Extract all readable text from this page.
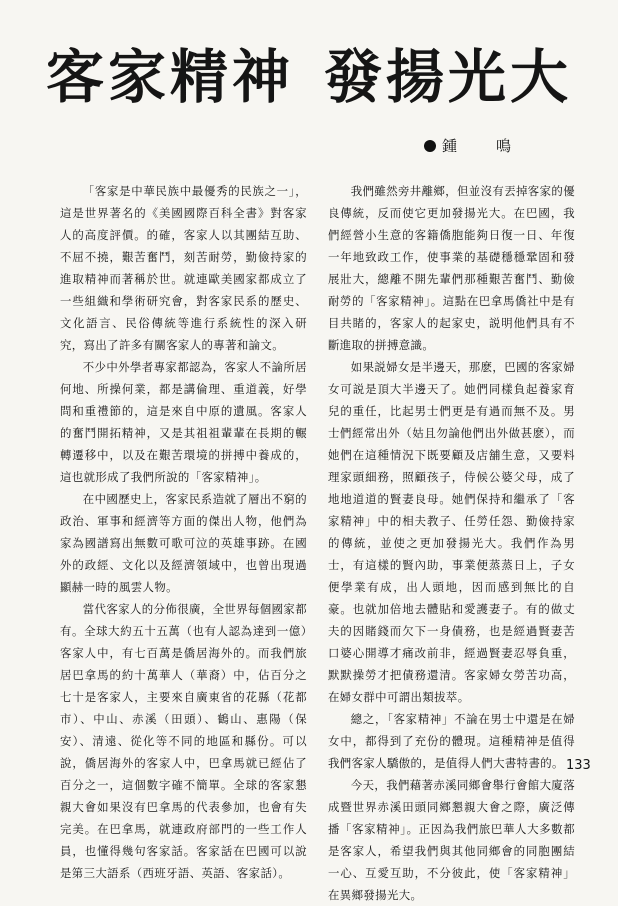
客家精神 發揚光大
鍾　鳴

「客家是中華民族中最優秀的民族之一」，這是世界著名的《美國國際百科全書》對客家人的高度評價。的確，客家人以其團結互助、不屈不撓，艱苦奮鬥，刻苦耐勞，勤儉持家的進取精神而著稱於世。就連歐美國家都成立了一些組織和學術研究會，對客家民系的歷史、文化語言、民俗傳統等進行系統性的深入研究，寫出了許多有關客家人的專著和論文。

不少中外學者專家都認為，客家人不論所居何地、所操何業，都是講倫理、重道義，好學問和重禮節的，這是來自中原的遺風。客家人的奮鬥開拓精神，又是其祖祖輩輩在長期的輾轉遷移中，以及在艱苦環境的拼搏中養成的，這也就形成了我們所說的「客家精神」。

在中國歷史上，客家民系造就了層出不窮的政治、軍事和經濟等方面的傑出人物，他們為家為國譜寫出無數可歌可泣的英雄事跡。在國外的政經、文化以及經濟領域中，也曾出現過顯赫一時的風雲人物。

當代客家人的分佈很廣，全世界每個國家都有。全球大約五十五萬（也有人認為達到一億）客家人中，有七百萬是僑居海外的。而我們旅居巴拿馬的約十萬華人（華裔）中，佔百分之七十是客家人，主要來自廣東省的花縣（花都市）、中山、赤溪（田頭）、鶴山、惠陽（保安）、清遠、從化等不同的地區和縣份。可以說，僑居海外的客家人中，巴拿馬就已經佔了百分之一，這個數字確不簡單。全球的客家懇親大會如果沒有巴拿馬的代表參加，也會有失完美。在巴拿馬，就連政府部門的一些工作人員，也懂得幾句客家話。客家話在巴國可以說是第三大語系（西班牙語、英語、客家話）。

我們雖然旁井離鄉，但並沒有丟掉客家的優良傳統，反而使它更加發揚光大。在巴國，我們經營小生意的客籍僑胞能夠日復一日、年復一年地致政工作，使事業的基礎穩穩鞏固和發展壯大，總離不開先輩們那種艱苦奮鬥、勤儉耐勞的「客家精神」。這點在巴拿馬僑社中是有目共睹的，客家人的起家史，説明他們具有不斷進取的拼搏意識。

如果説婦女是半邊天，那麽，巴國的客家婦女可説是頂大半邊天了。她們同樣負起養家育兒的重任，比起男士們更是有過而無不及。男士們經常出外（姑且勿論他們出外做甚麽），而她們在這種情況下既要顧及店舖生意，又要料理家頭細務，照顧孩子，侍候公婆父母，成了地地道道的賢妻良母。她們保持和繼承了「客家精神」中的相夫教子、任勞任怨、勤儉持家的傳統，並使之更加發揚光大。我們作為男士，有這樣的賢內助，事業便蒸蒸日上，子女便學業有成，出人頭地，因而感到無比的自豪。也就加倍地去體貼和愛護妻子。有的做丈夫的因賭錢而欠下一身債務，也是經過賢妻苦口婆心開導才痛改前非，經過賢妻忍辱負重，默默操勞才把債務還清。客家婦女勞苦功高，在婦女群中可謂出類拔萃。

總之，「客家精神」不論在男士中還是在婦女中，都得到了充份的體現。這種精神是值得我們客家人驕傲的，是值得人們大書特書的。

今天，我們藉著赤溪同鄉會舉行會館大廈落成暨世界赤溪田頭同鄉懇親大會之際，廣泛傳播「客家精神」。正因為我們旅巴華人大多數都是客家人，希望我們與其他同鄉會的同胞團結一心、互愛互助，不分彼此，使「客家精神」在異鄉發揚光大。

133
